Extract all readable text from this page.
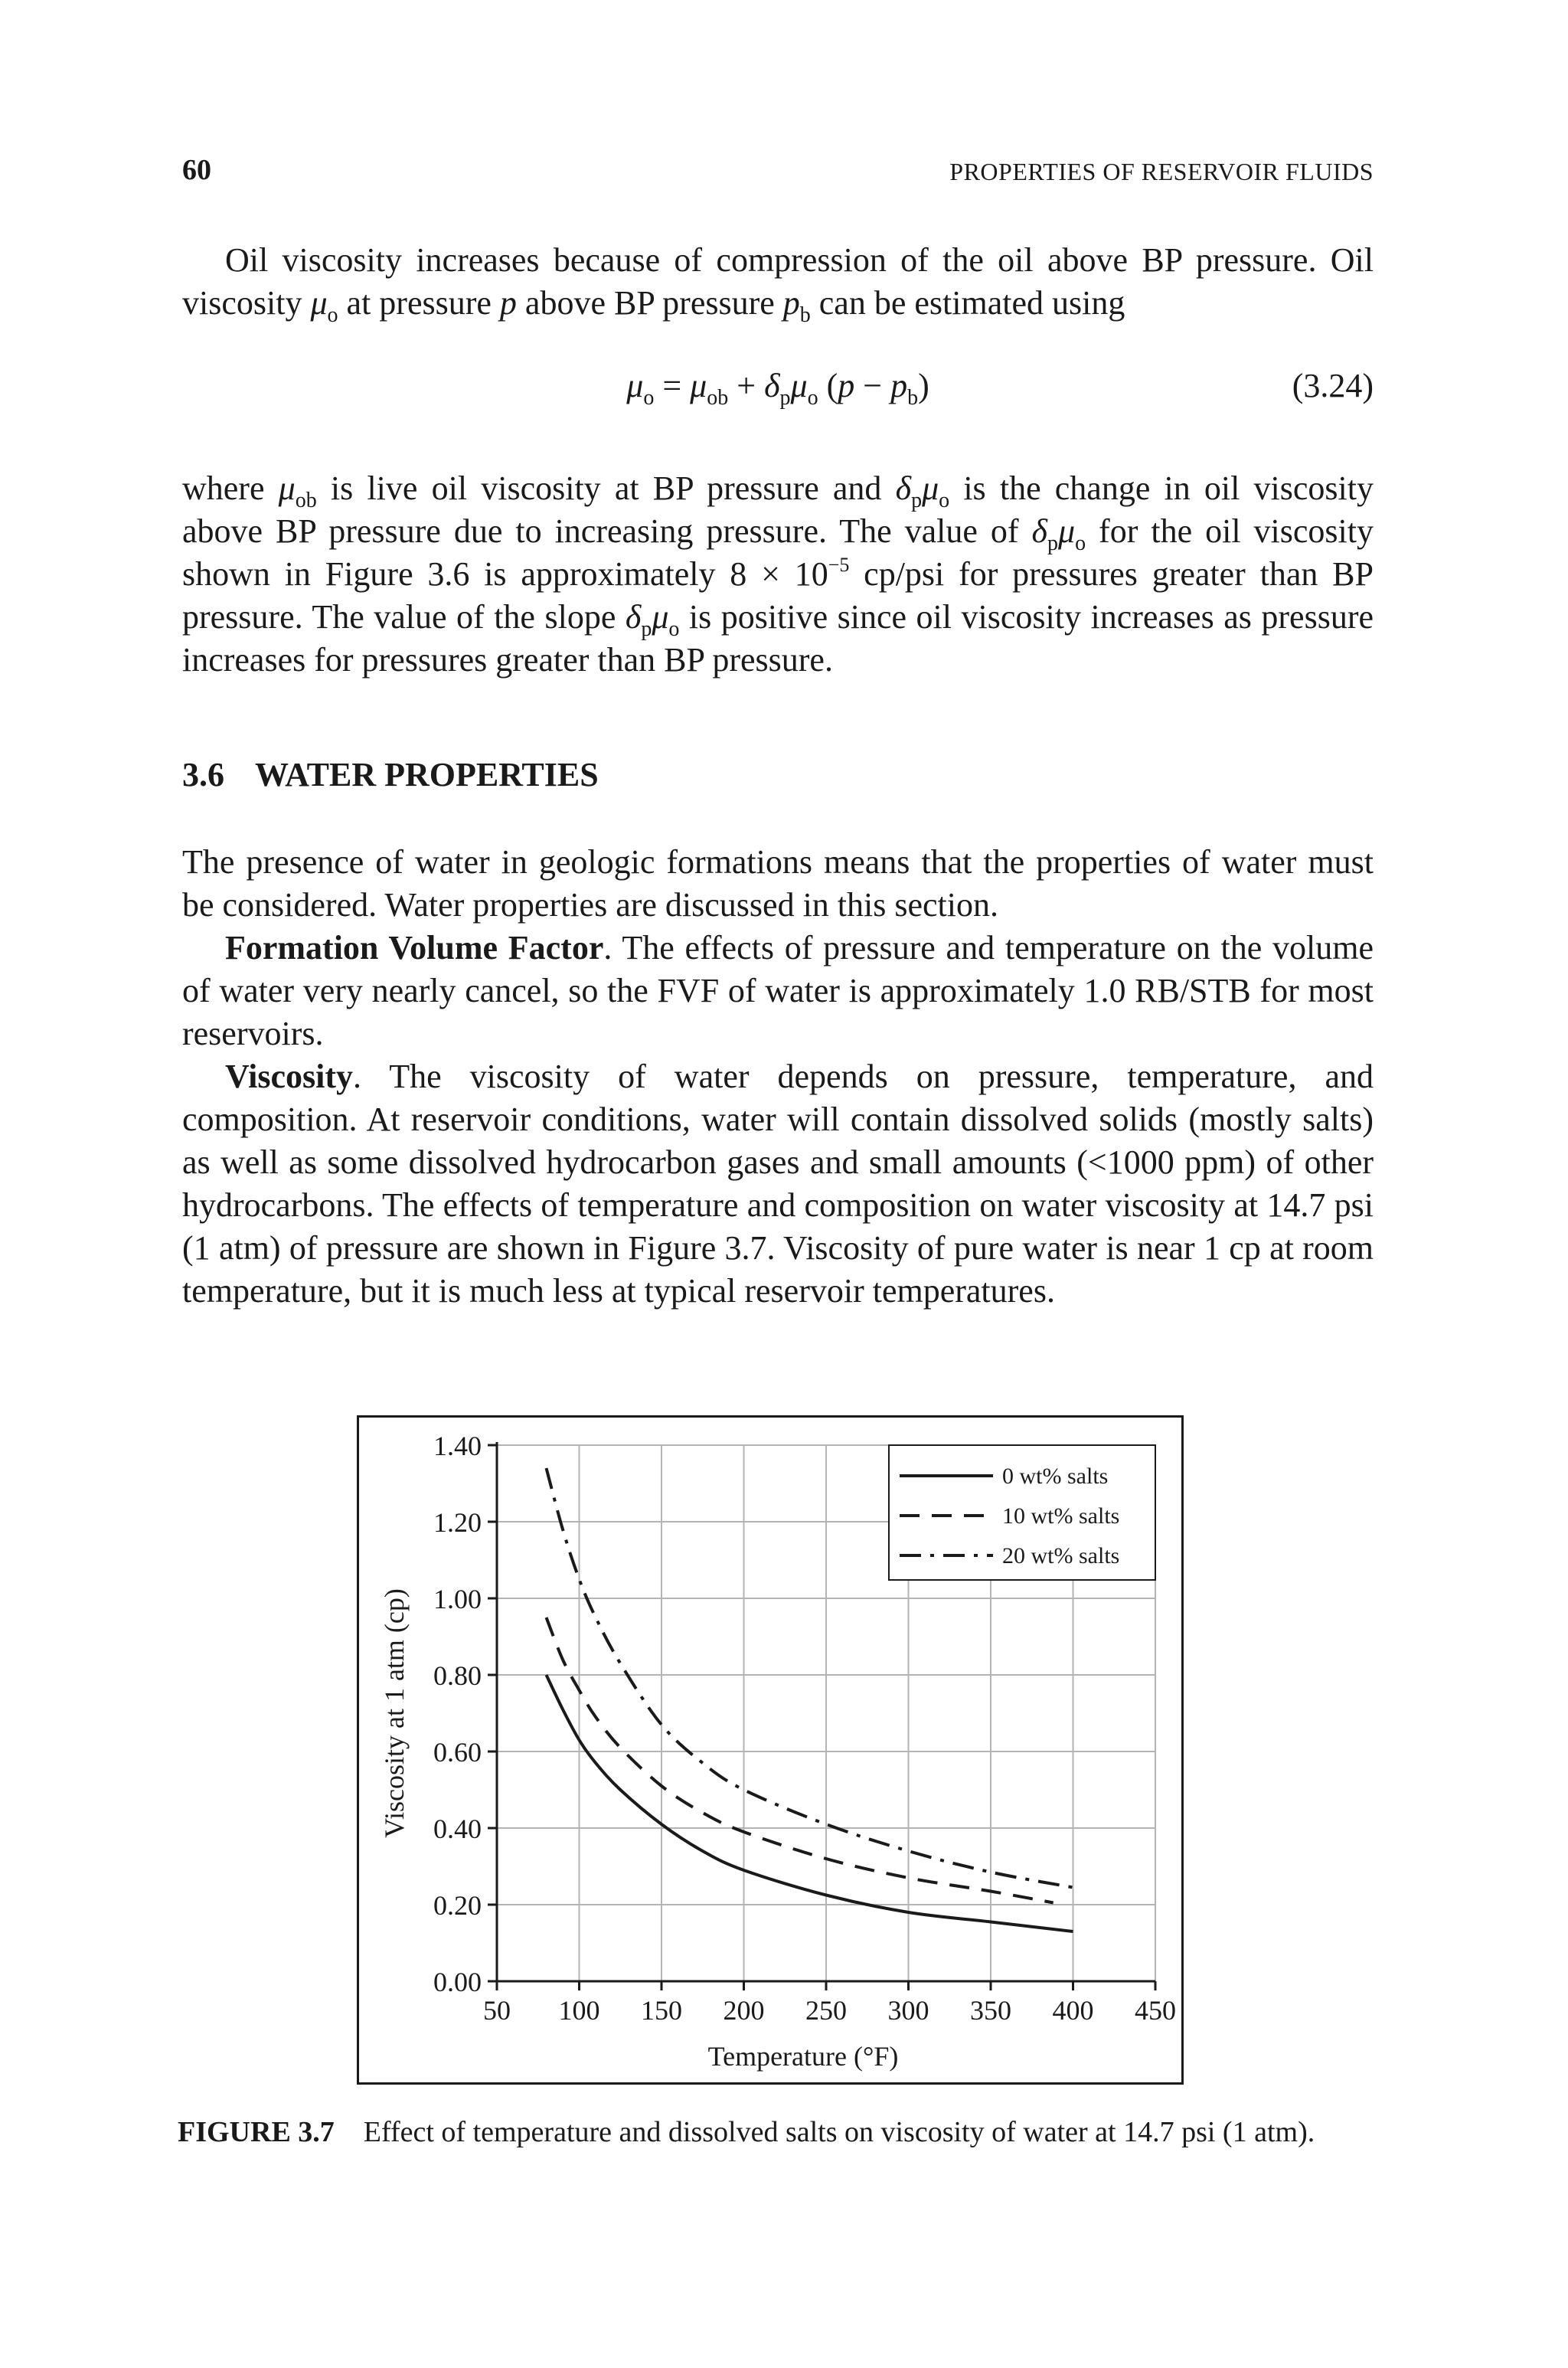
60	PROPERTIES OF RESERVOIR FLUIDS

Oil viscosity increases because of compression of the oil above BP pressure. Oil viscosity $\mu_o$ at pressure p above BP pressure $p_b$ can be estimated using

$\mu_o = \mu_{ob} + \delta_p\mu_o$ $(p - p_b)$	(3.24)

where $\mu_{ob}$ is live oil viscosity at BP pressure and $\delta_p\mu_o$ is the change in oil viscosity above BP pressure due to increasing pressure. The value of $\delta_p\mu_o$ for the oil viscosity shown in Figure 3.6 is approximately $8 \times 10^{-5}$ cp/psi for pressures greater than BP pressure. The value of the slope $\delta_p\mu_o$ is positive since oil viscosity increases as pressure increases for pressures greater than BP pressure.

3.6 WATER PROPERTIES

The presence of water in geologic formations means that the properties of water must be considered. Water properties are discussed in this section.

Formation Volume Factor. The effects of pressure and temperature on the volume of water very nearly cancel, so the FVF of water is approximately 1.0 RB/STB for most reservoirs.

Viscosity. The viscosity of water depends on pressure, temperature, and composition. At reservoir conditions, water will contain dissolved solids (mostly salts) as well as some dissolved hydrocarbon gases and small amounts (<1000 ppm) of other hydrocarbons. The effects of temperature and composition on water viscosity at 14.7 psi (1 atm) of pressure are shown in Figure 3.7. Viscosity of pure water is near 1 cp at room temperature, but it is much less at typical reservoir temperatures.

50 100 150 200 250 300 350 400 450
0.00
0.20
0.40
0.60
0.80
1.00
1.20
1.40
Temperature (°F)
Viscosity at 1 atm (cp)
0 wt% salts
10 wt% salts
20 wt% salts
FIGURE 3.7 Effect of temperature and dissolved salts on viscosity of water at 14.7 psi (1 atm).
